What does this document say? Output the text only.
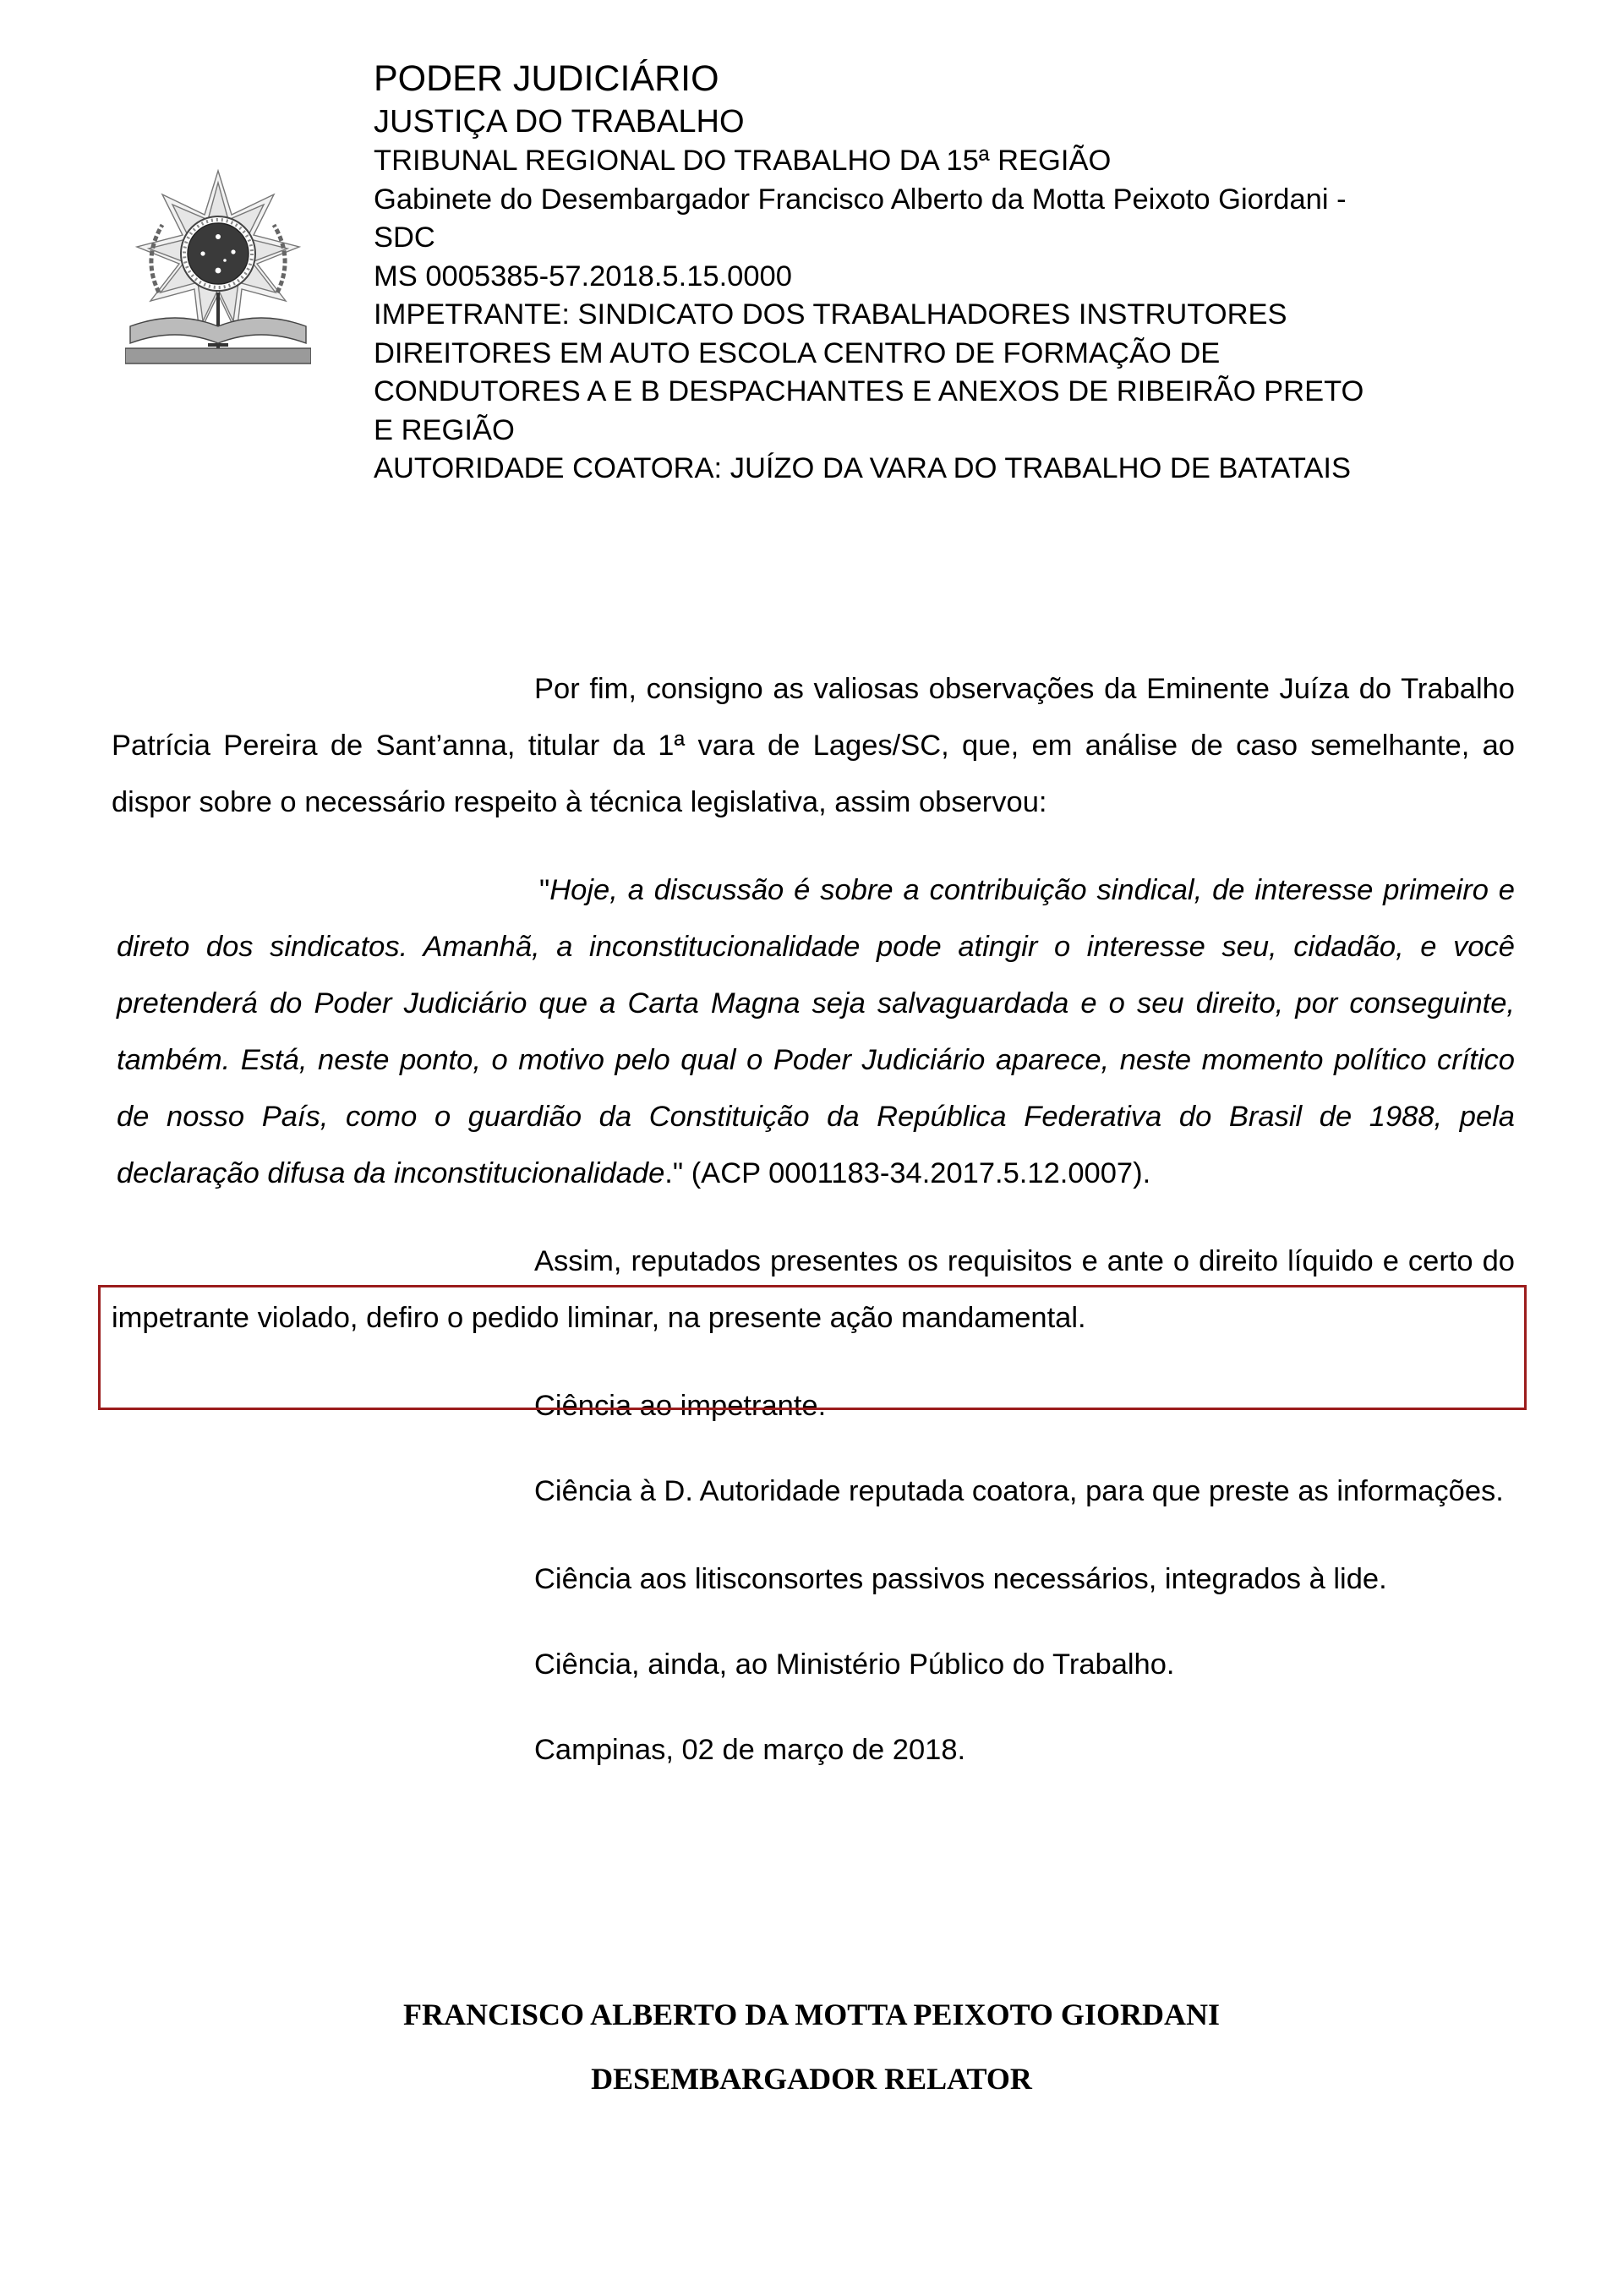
PODER JUDICIÁRIO
JUSTIÇA DO TRABALHO
TRIBUNAL REGIONAL DO TRABALHO DA 15ª REGIÃO
Gabinete do Desembargador Francisco Alberto da Motta Peixoto Giordani -
SDC
MS 0005385-57.2018.5.15.0000
IMPETRANTE: SINDICATO DOS TRABALHADORES INSTRUTORES
DIREITORES EM AUTO ESCOLA CENTRO DE FORMAÇÃO DE
CONDUTORES A E B DESPACHANTES E ANEXOS DE RIBEIRÃO PRETO
E REGIÃO
AUTORIDADE COATORA: JUÍZO DA VARA DO TRABALHO DE BATATAIS

Por fim, consigno as valiosas observações da Eminente Juíza do Trabalho Patrícia Pereira de Sant’anna, titular da 1ª vara de Lages/SC, que, em análise de caso semelhante, ao dispor sobre o necessário respeito à técnica legislativa, assim observou:

"Hoje, a discussão é sobre a contribuição sindical, de interesse primeiro e direto dos sindicatos. Amanhã, a inconstitucionalidade pode atingir o interesse seu, cidadão, e você pretenderá do Poder Judiciário que a Carta Magna seja salvaguardada e o seu direito, por conseguinte, também. Está, neste ponto, o motivo pelo qual o Poder Judiciário aparece, neste momento político crítico de nosso País, como o guardião da Constituição da República Federativa do Brasil de 1988, pela declaração difusa da inconstitucionalidade." (ACP 0001183-34.2017.5.12.0007).

Assim, reputados presentes os requisitos e ante o direito líquido e certo do impetrante violado, defiro o pedido liminar, na presente ação mandamental.

Ciência ao impetrante.

Ciência à D. Autoridade reputada coatora, para que preste as informações.

Ciência aos litisconsortes passivos necessários, integrados à lide.

Ciência, ainda, ao Ministério Público do Trabalho.

Campinas, 02 de março de 2018.

FRANCISCO ALBERTO DA MOTTA PEIXOTO GIORDANI
DESEMBARGADOR RELATOR
